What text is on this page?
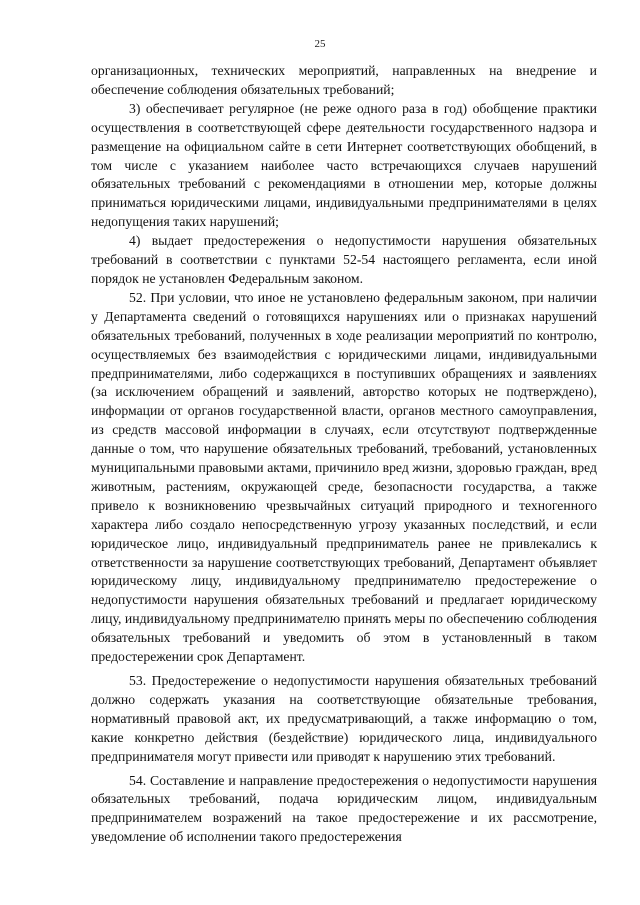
25

организационных, технических мероприятий, направленных на внедрение и обеспечение соблюдения обязательных требований;

3) обеспечивает регулярное (не реже одного раза в год) обобщение практики осуществления в соответствующей сфере деятельности государственного надзора и размещение на официальном сайте в сети Интернет соответствующих обобщений, в том числе с указанием наиболее часто встречающихся случаев нарушений обязательных требований с рекомендациями в отношении мер, которые должны приниматься юридическими лицами, индивидуальными предпринимателями в целях недопущения таких нарушений;

4) выдает предостережения о недопустимости нарушения обязательных требований в соответствии с пунктами 52-54 настоящего регламента, если иной порядок не установлен Федеральным законом.

52. При условии, что иное не установлено федеральным законом, при наличии у Департамента сведений о готовящихся нарушениях или о признаках нарушений обязательных требований, полученных в ходе реализации мероприятий по контролю, осуществляемых без взаимодействия с юридическими лицами, индивидуальными предпринимателями, либо содержащихся в поступивших обращениях и заявлениях (за исключением обращений и заявлений, авторство которых не подтверждено), информации от органов государственной власти, органов местного самоуправления, из средств массовой информации в случаях, если отсутствуют подтвержденные данные о том, что нарушение обязательных требований, требований, установленных муниципальными правовыми актами, причинило вред жизни, здоровью граждан, вред животным, растениям, окружающей среде, безопасности государства, а также привело к возникновению чрезвычайных ситуаций природного и техногенного характера либо создало непосредственную угрозу указанных последствий, и если юридическое лицо, индивидуальный предприниматель ранее не привлекались к ответственности за нарушение соответствующих требований, Департамент объявляет юридическому лицу, индивидуальному предпринимателю предостережение о недопустимости нарушения обязательных требований и предлагает юридическому лицу, индивидуальному предпринимателю принять меры по обеспечению соблюдения обязательных требований и уведомить об этом в установленный в таком предостережении срок Департамент.

53. Предостережение о недопустимости нарушения обязательных требований должно содержать указания на соответствующие обязательные требования, нормативный правовой акт, их предусматривающий, а также информацию о том, какие конкретно действия (бездействие) юридического лица, индивидуального предпринимателя могут привести или приводят к нарушению этих требований.

54. Составление и направление предостережения о недопустимости нарушения обязательных требований, подача юридическим лицом, индивидуальным предпринимателем возражений на такое предостережение и их рассмотрение, уведомление об исполнении такого предостережения
